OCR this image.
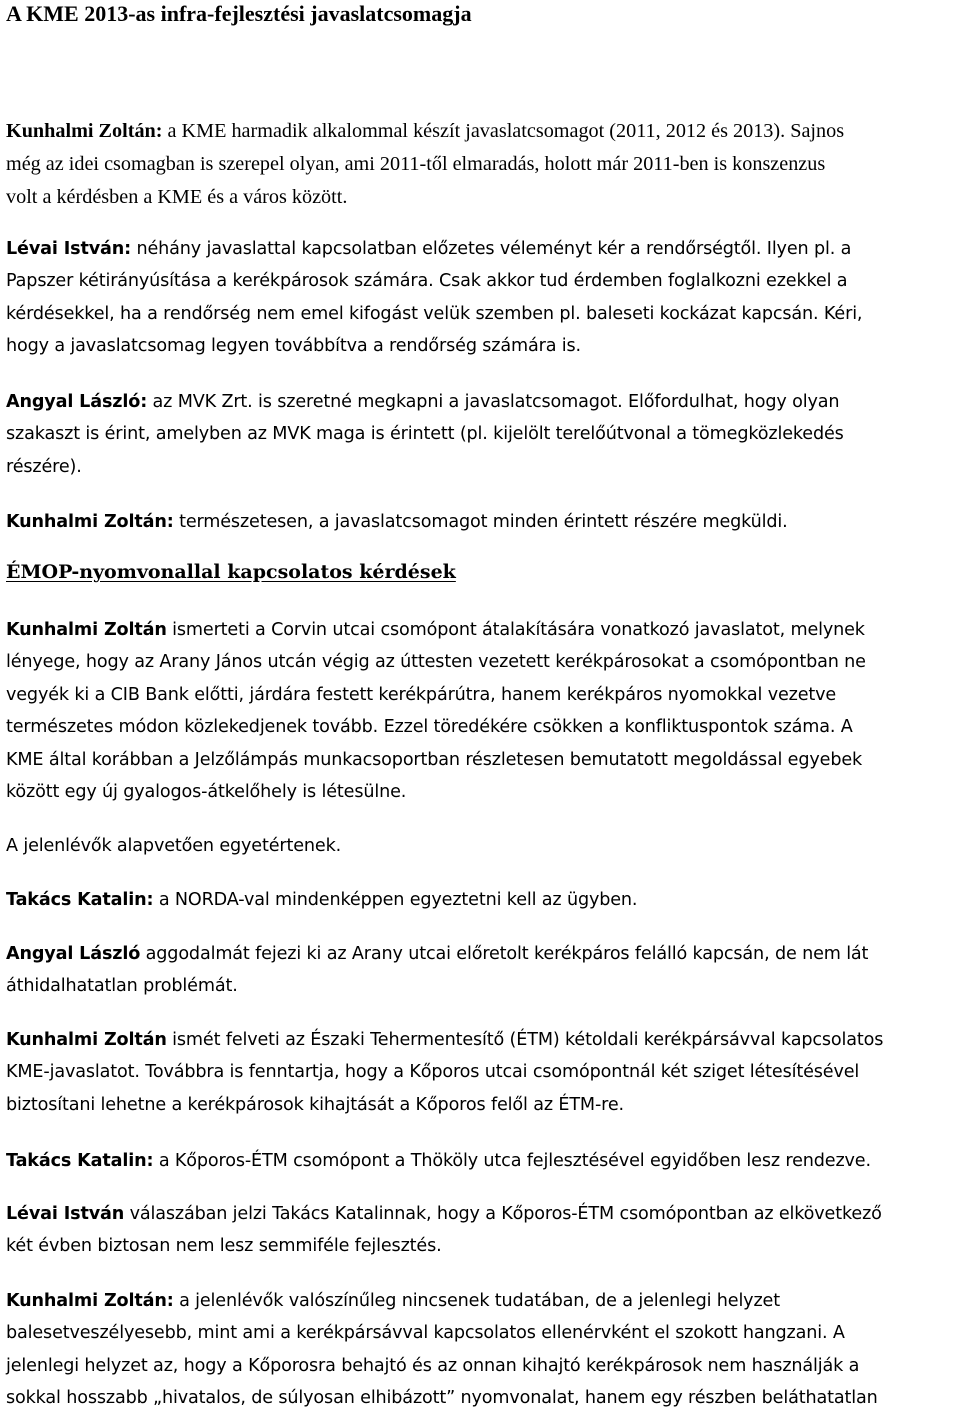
A KME 2013-as infra-fejlesztési javaslatcsomagja
Kunhalmi Zoltán: a KME harmadik alkalommal készít javaslatcsomagot (2011, 2012 és 2013). Sajnos
még az idei csomagban is szerepel olyan, ami 2011-től elmaradás, holott már 2011-ben is konszenzus
volt a kérdésben a KME és a város között.
Lévai István: néhány javaslattal kapcsolatban előzetes véleményt kér a rendőrségtől. Ilyen pl. a
Papszer kétirányúsítása a kerékpárosok számára. Csak akkor tud érdemben foglalkozni ezekkel a
kérdésekkel, ha a rendőrség nem emel kifogást velük szemben pl. baleseti kockázat kapcsán. Kéri,
hogy a javaslatcsomag legyen továbbítva a rendőrség számára is.
Angyal László: az MVK Zrt. is szeretné megkapni a javaslatcsomagot. Előfordulhat, hogy olyan
szakaszt is érint, amelyben az MVK maga is érintett (pl. kijelölt terelőútvonal a tömegközlekedés
részére).
Kunhalmi Zoltán: természetesen, a javaslatcsomagot minden érintett részére megküldi.
ÉMOP-nyomvonallal kapcsolatos kérdések
Kunhalmi Zoltán ismerteti a Corvin utcai csomópont átalakítására vonatkozó javaslatot, melynek
lényege, hogy az Arany János utcán végig az úttesten vezetett kerékpárosokat a csomópontban ne
vegyék ki a CIB Bank előtti, járdára festett kerékpárútra, hanem kerékpáros nyomokkal vezetve
természetes módon közlekedjenek tovább. Ezzel töredékére csökken a konfliktuspontok száma. A
KME által korábban a Jelzőlámpás munkacsoportban részletesen bemutatott megoldással egyebek
között egy új gyalogos-átkelőhely is létesülne.
A jelenlévők alapvetően egyetértenek.
Takács Katalin: a NORDA-val mindenképpen egyeztetni kell az ügyben.
Angyal László aggodalmát fejezi ki az Arany utcai előretolt kerékpáros felálló kapcsán, de nem lát
áthidalhatatlan problémát.
Kunhalmi Zoltán ismét felveti az Északi Tehermentesítő (ÉTM) kétoldali kerékpársávval kapcsolatos
KME-javaslatot. Továbbra is fenntartja, hogy a Kőporos utcai csomópontnál két sziget létesítésével
biztosítani lehetne a kerékpárosok kihajtását a Kőporos felől az ÉTM-re.
Takács Katalin: a Kőporos-ÉTM csomópont a Thököly utca fejlesztésével egyidőben lesz rendezve.
Lévai István válaszában jelzi Takács Katalinnak, hogy a Kőporos-ÉTM csomópontban az elkövetkező
két évben biztosan nem lesz semmiféle fejlesztés.
Kunhalmi Zoltán: a jelenlévők valószínűleg nincsenek tudatában, de a jelenlegi helyzet
balesetveszélyesebb, mint ami a kerékpársávval kapcsolatos ellenérvként el szokott hangzani. A
jelenlegi helyzet az, hogy a Kőporosra behajtó és az onnan kihajtó kerékpárosok nem használják a
sokkal hosszabb „hivatalos, de súlyosan elhibázott” nyomvonalat, hanem egy részben beláthatatlan
